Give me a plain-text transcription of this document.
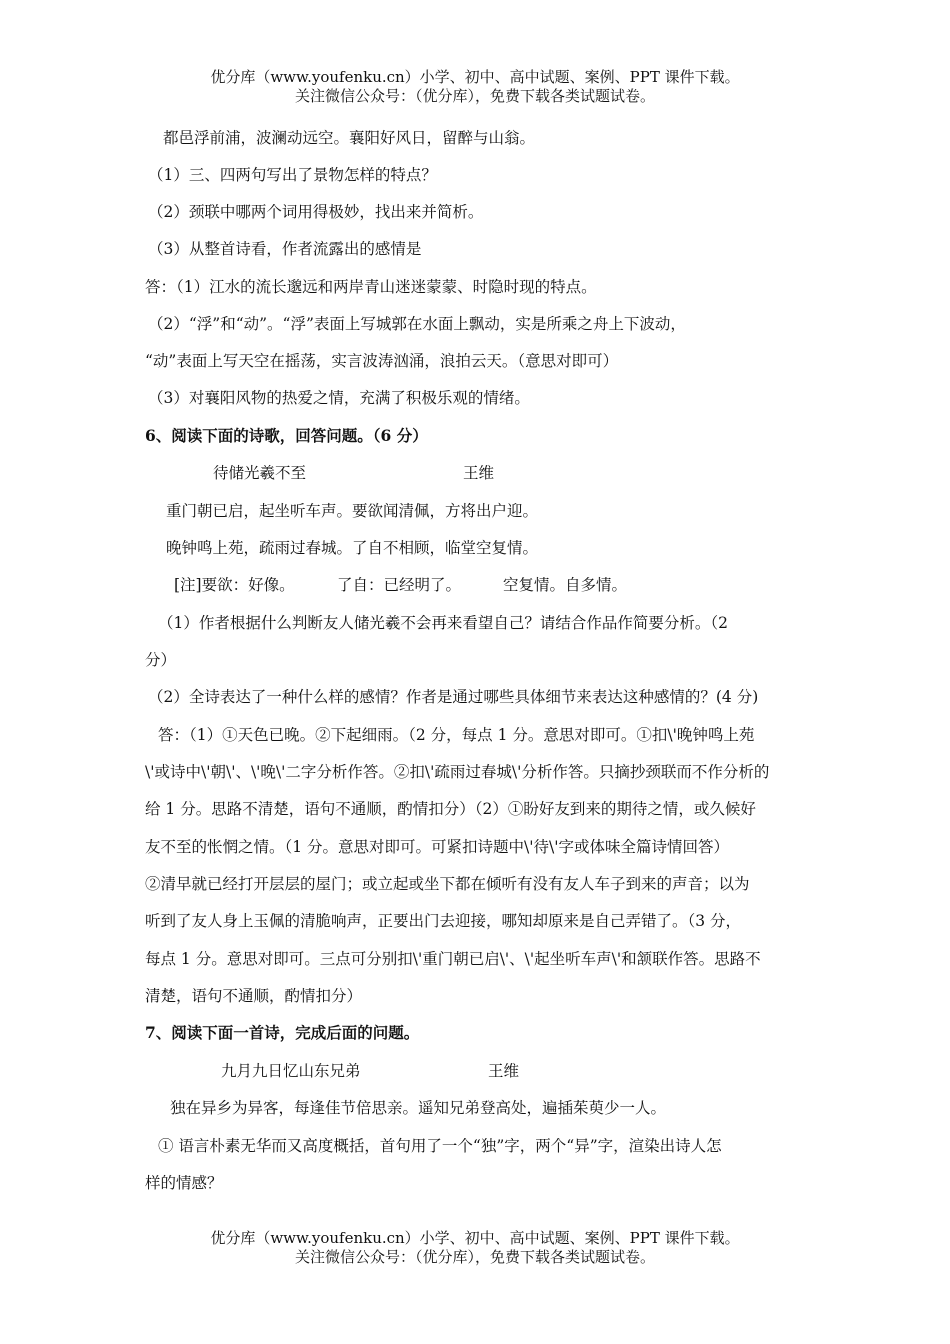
优分库（www.youfenku.cn）小学、初中、高中试题、案例、PPT 课件下载。
关注微信公众号：（优分库），免费下载各类试题试卷。
都邑浮前浦，波澜动远空。襄阳好风日，留醉与山翁。
（1）三、四两句写出了景物怎样的特点？
（2）颈联中哪两个词用得极妙，找出来并简析。
（3）从整首诗看，作者流露出的感情是
答：（1）江水的流长邈远和两岸青山迷迷蒙蒙、时隐时现的特点。
（2）“浮”和“动”。“浮”表面上写城郭在水面上飘动，实是所乘之舟上下波动，
“动”表面上写天空在摇荡，实言波涛汹涌，浪拍云天。（意思对即可）
（3）对襄阳风物的热爱之情，充满了积极乐观的情绪。
6、阅读下面的诗歌，回答问题。（6 分）
待储光羲不至	王维
重门朝已启，起坐听车声。要欲闻清佩，方将出户迎。
晚钟鸣上苑，疏雨过春城。了自不相顾，临堂空复情。
[注]要欲：好像。	了自：已经明了。	空复情。自多情。
（1）作者根据什么判断友人储光羲不会再来看望自己？请结合作品作简要分析。（2
分）
（2）全诗表达了一种什么样的感情？作者是通过哪些具体细节来表达这种感情的？(4 分)
答：（1）①天色已晚。②下起细雨。（2 分，每点 1 分。意思对即可。①扣\'晚钟鸣上苑
\'或诗中\'朝\'、\'晚\'二字分析作答。②扣\'疏雨过春城\'分析作答。只摘抄颈联而不作分析的
给 1 分。思路不清楚，语句不通顺，酌情扣分）（2）①盼好友到来的期待之情，或久候好
友不至的怅惘之情。（1 分。意思对即可。可紧扣诗题中\'待\'字或体味全篇诗情回答）
②清早就已经打开层层的屋门；或立起或坐下都在倾听有没有友人车子到来的声音；以为
听到了友人身上玉佩的清脆响声，正要出门去迎接，哪知却原来是自己弄错了。（3 分，
每点 1 分。意思对即可。三点可分别扣\'重门朝已启\'、\'起坐听车声\'和颔联作答。思路不
清楚，语句不通顺，酌情扣分）
7、阅读下面一首诗，完成后面的问题。
九月九日忆山东兄弟	王维
独在异乡为异客，每逢佳节倍思亲。遥知兄弟登高处，遍插茱萸少一人。
① 语言朴素无华而又高度概括，首句用了一个“独”字，两个“异”字，渲染出诗人怎
样的情感？
优分库（www.youfenku.cn）小学、初中、高中试题、案例、PPT 课件下载。
关注微信公众号：（优分库），免费下载各类试题试卷。
